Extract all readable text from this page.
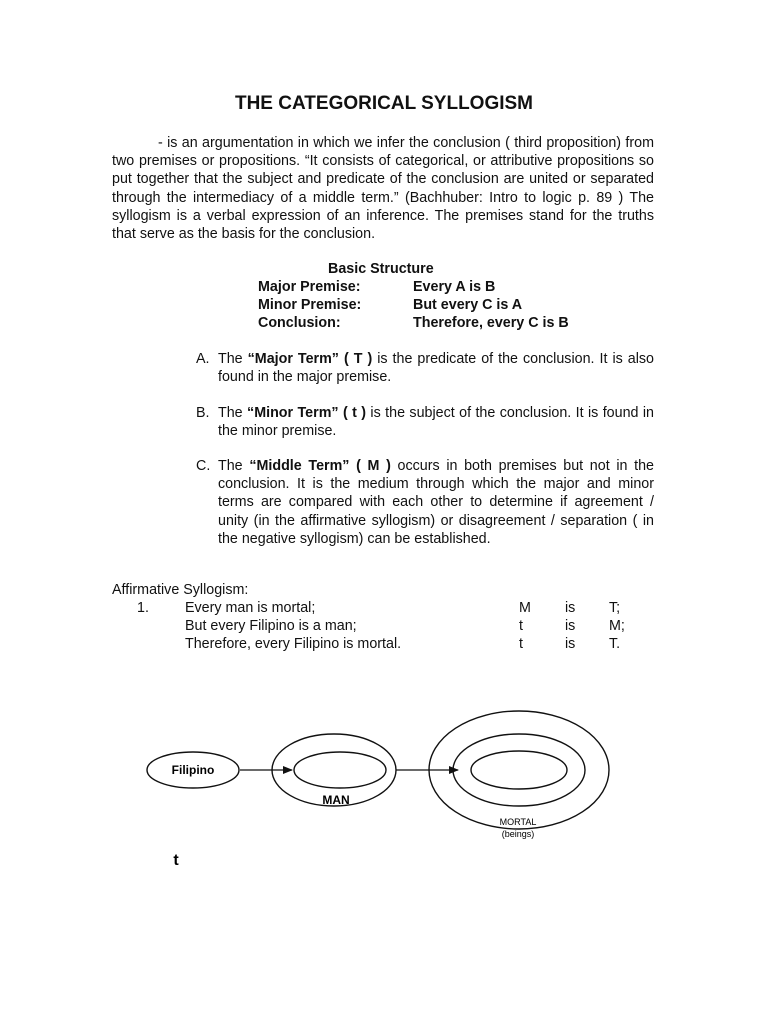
THE CATEGORICAL SYLLOGISM
- is an argumentation in which we infer the conclusion ( third proposition) from two premises or propositions. “It consists of categorical, or attributive propositions so put together that the subject and predicate of the conclusion are united or separated through the intermediacy of a middle term.” (Bachhuber: Intro to logic p. 89 ) The syllogism is a verbal expression of an inference. The premises stand for the truths that serve as the basis for the conclusion.
Basic Structure
Major Premise:	Every A is B
Minor Premise:	But every C is A
Conclusion:	Therefore, every C is B
A. The “Major Term” ( T ) is the predicate of the conclusion. It is also found in the major premise.
B. The “Minor Term” ( t ) is the subject of the conclusion. It is found in the minor premise.
C. The “Middle Term” ( M ) occurs in both premises but not in the conclusion. It is the medium through which the major and minor terms are compared with each other to determine if agreement / unity (in the affirmative syllogism) or disagreement / separation ( in the negative syllogism) can be established.
Affirmative Syllogism:
1.	Every man is mortal;	M is T;
But every Filipino is a man;	t	is M;
Therefore, every Filipino is mortal.	t	is T.
Filipino
MAN
MORTAL
(beings)
t
